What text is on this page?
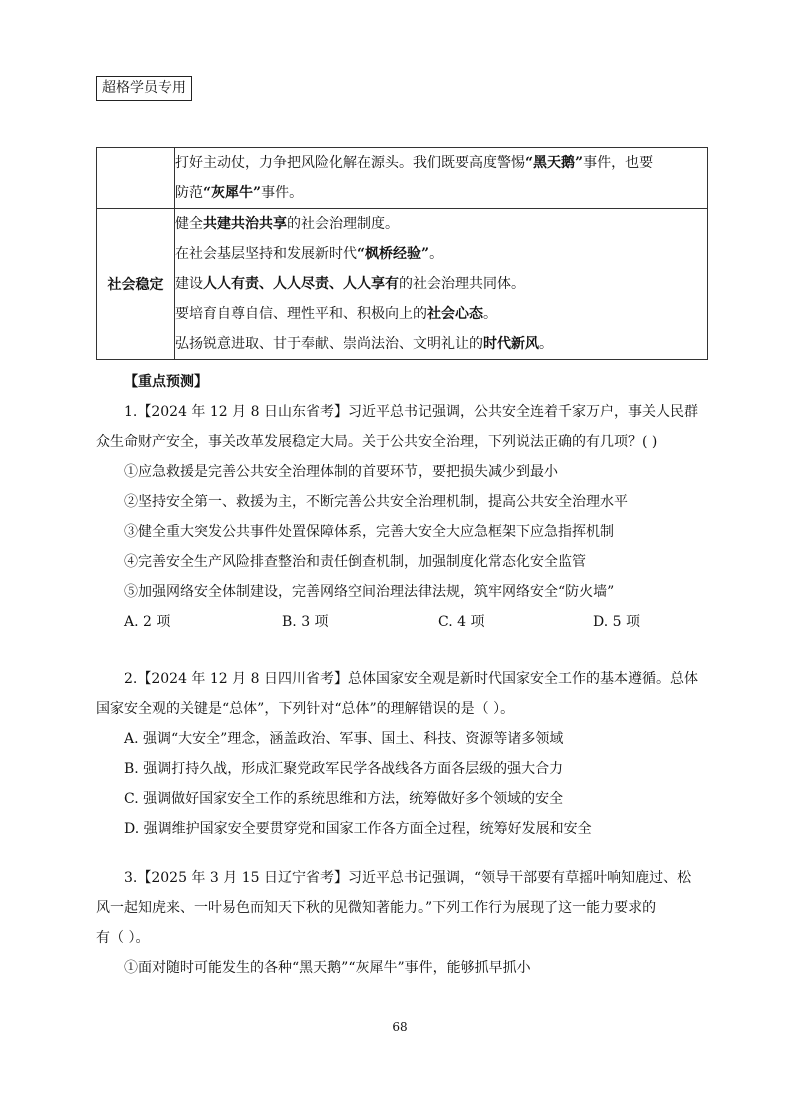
超格学员专用

	打好主动仗，力争把风险化解在源头。我们既要高度警惕“黑天鹅”事件，也要
防范“灰犀牛”事件。

社会稳定	健全共建共治共享的社会治理制度。
在社会基层坚持和发展新时代“枫桥经验”。
建设人人有责、人人尽责、人人享有的社会治理共同体。
要培育自尊自信、理性平和、积极向上的社会心态。
弘扬锐意进取、甘于奉献、崇尚法治、文明礼让的时代新风。
【重点预测】
1.【2024 年 12 月 8 日山东省考】习近平总书记强调，公共安全连着千家万户，事关人民群
众生命财产安全，事关改革发展稳定大局。关于公共安全治理，下列说法正确的有几项？( )
①应急救援是完善公共安全治理体制的首要环节，要把损失减少到最小
②坚持安全第一、救援为主，不断完善公共安全治理机制，提高公共安全治理水平
③健全重大突发公共事件处置保障体系，完善大安全大应急框架下应急指挥机制
④完善安全生产风险排查整治和责任倒查机制，加强制度化常态化安全监管
⑤加强网络安全体制建设，完善网络空间治理法律法规，筑牢网络安全“防火墙”
A. 2 项	B. 3 项	C. 4 项	D. 5 项
2.【2024 年 12 月 8 日四川省考】总体国家安全观是新时代国家安全工作的基本遵循。总体
国家安全观的关键是“总体”，下列针对“总体”的理解错误的是（ ）。
A. 强调“大安全”理念，涵盖政治、军事、国土、科技、资源等诸多领域
B. 强调打持久战，形成汇聚党政军民学各战线各方面各层级的强大合力
C. 强调做好国家安全工作的系统思维和方法，统筹做好多个领域的安全
D. 强调维护国家安全要贯穿党和国家工作各方面全过程，统筹好发展和安全
3.【2025 年 3 月 15 日辽宁省考】习近平总书记强调，“领导干部要有草摇叶响知鹿过、松
风一起知虎来、一叶易色而知天下秋的见微知著能力。”下列工作行为展现了这一能力要求的
有（ ）。
①面对随时可能发生的各种“黑天鹅”“灰犀牛”事件，能够抓早抓小
68
